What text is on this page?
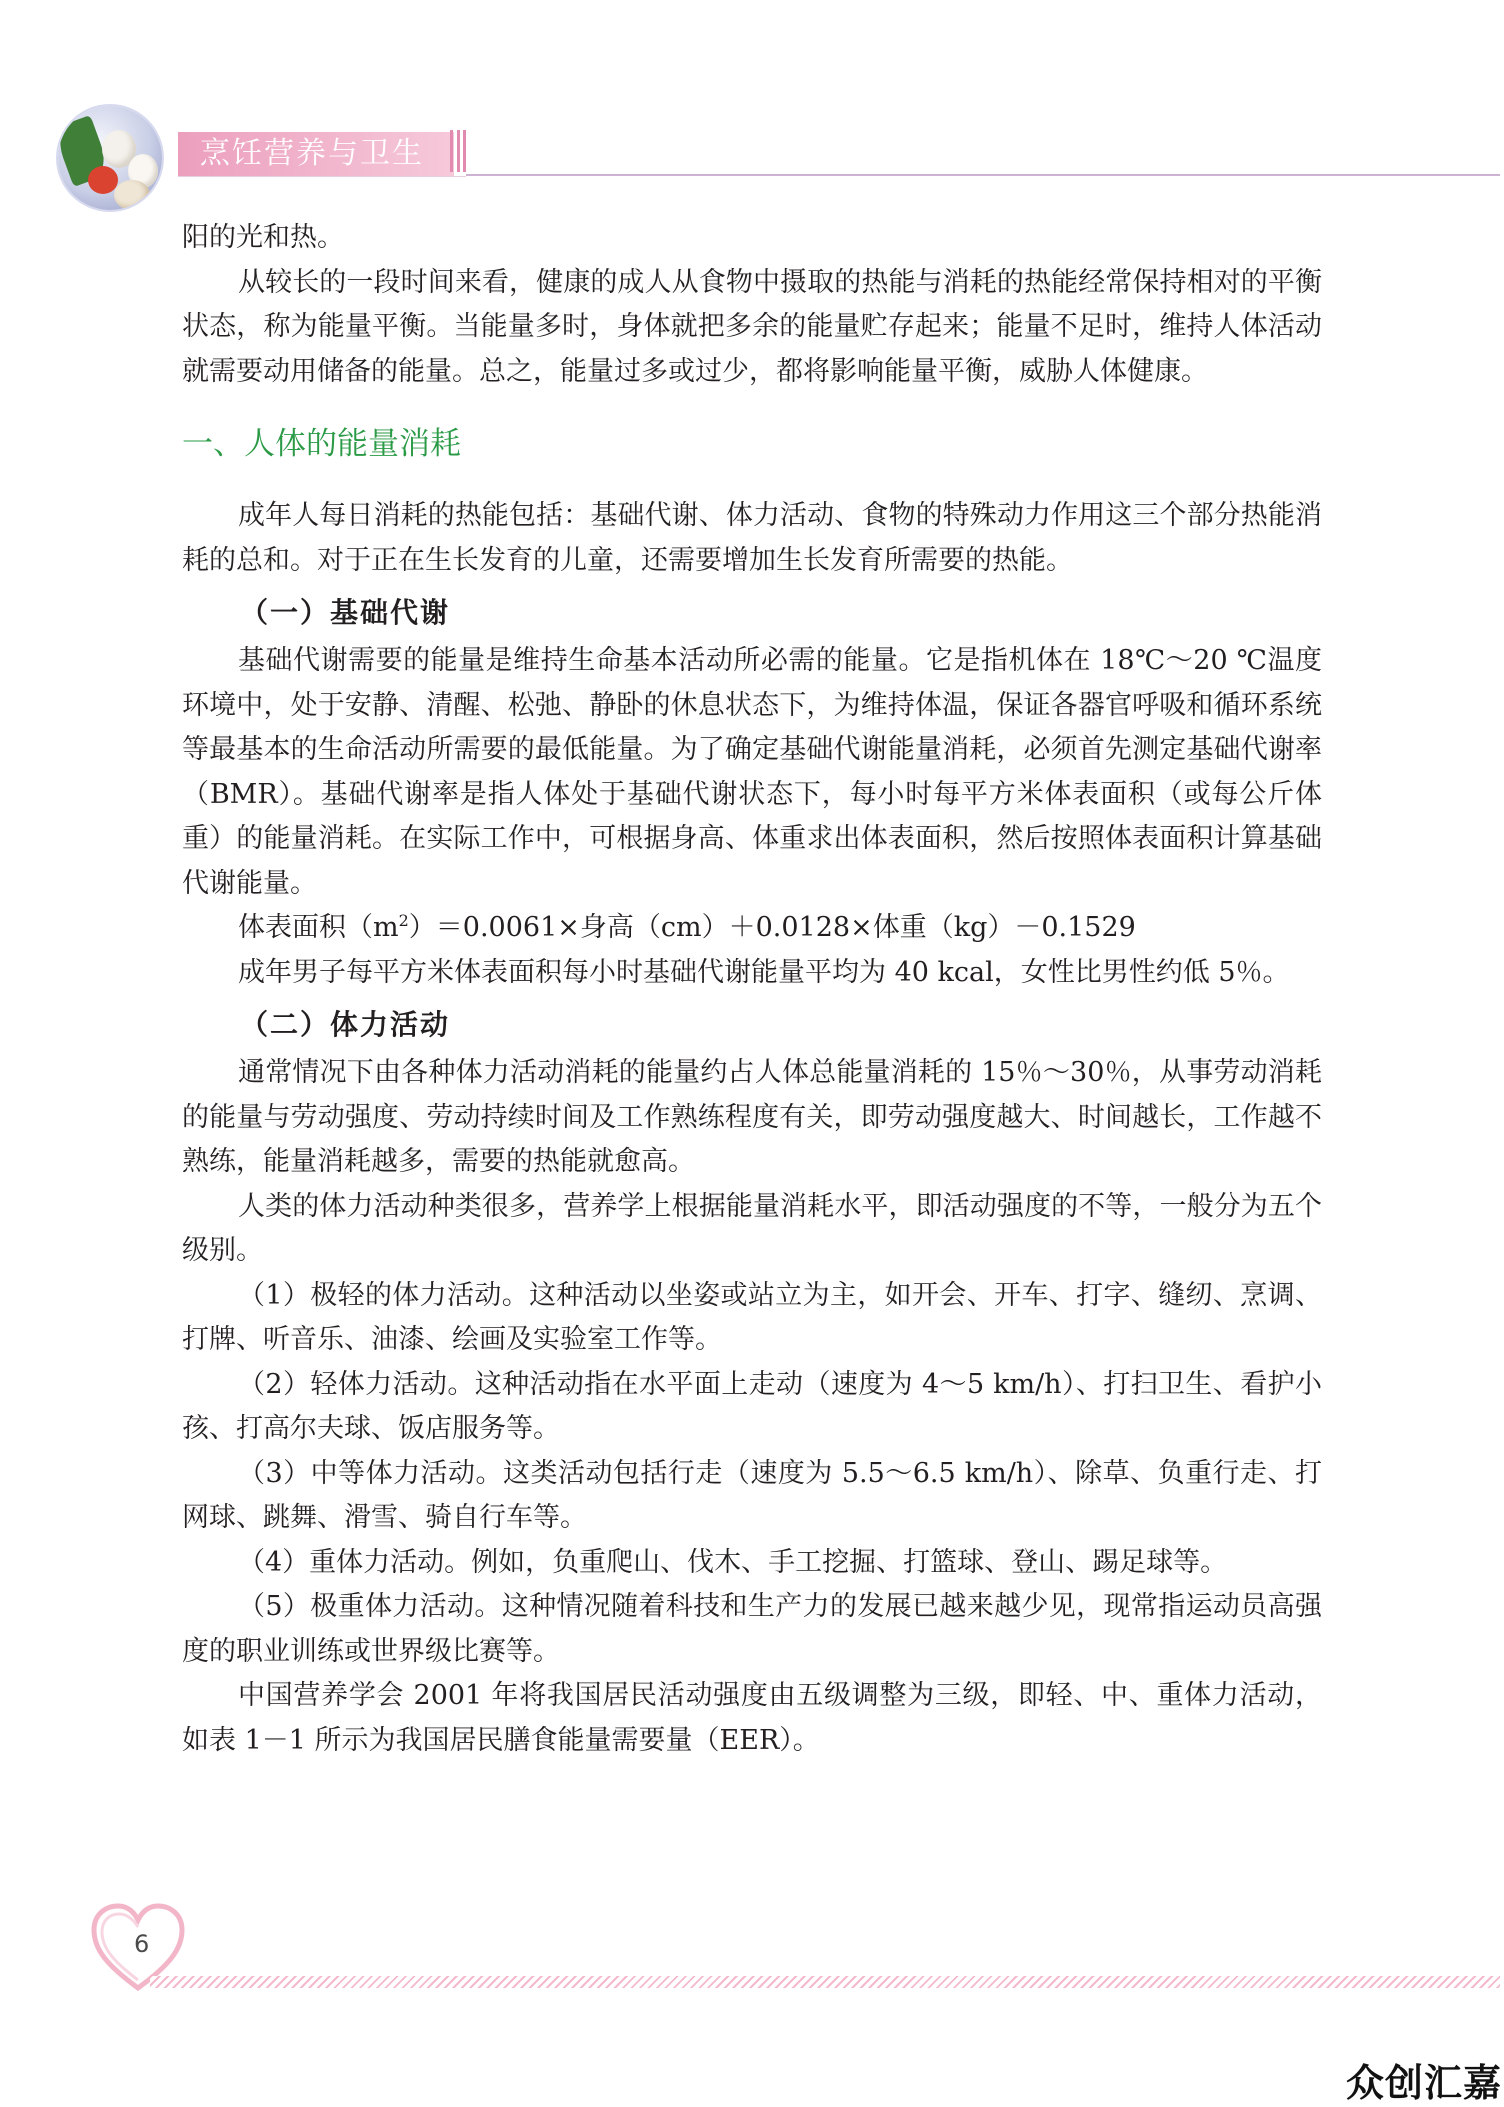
烹饪营养与卫生

阳的光和热。

从较长的一段时间来看，健康的成人从食物中摄取的热能与消耗的热能经常保持相对的平衡状态，称为能量平衡。当能量多时，身体就把多余的能量贮存起来；能量不足时，维持人体活动就需要动用储备的能量。总之，能量过多或过少，都将影响能量平衡，威胁人体健康。

一、人体的能量消耗

成年人每日消耗的热能包括：基础代谢、体力活动、食物的特殊动力作用这三个部分热能消耗的总和。对于正在生长发育的儿童，还需要增加生长发育所需要的热能。

（一）基础代谢

基础代谢需要的能量是维持生命基本活动所必需的能量。它是指机体在 18℃～20 ℃温度环境中，处于安静、清醒、松弛、静卧的休息状态下，为维持体温，保证各器官呼吸和循环系统等最基本的生命活动所需要的最低能量。为了确定基础代谢能量消耗，必须首先测定基础代谢率（BMR）。基础代谢率是指人体处于基础代谢状态下，每小时每平方米体表面积（或每公斤体重）的能量消耗。在实际工作中，可根据身高、体重求出体表面积，然后按照体表面积计算基础代谢能量。

体表面积$(m^2)=0.0061\times$身高（cm）＋0.0128×体重（kg）－0.1529

成年男子每平方米体表面积每小时基础代谢能量平均为 40 kcal，女性比男性约低 5％。

（二）体力活动

通常情况下由各种体力活动消耗的能量约占人体总能量消耗的 15％～30％，从事劳动消耗的能量与劳动强度、劳动持续时间及工作熟练程度有关，即劳动强度越大、时间越长，工作越不熟练，能量消耗越多，需要的热能就愈高。

人类的体力活动种类很多，营养学上根据能量消耗水平，即活动强度的不等，一般分为五个级别。

（1）极轻的体力活动。这种活动以坐姿或站立为主，如开会、开车、打字、缝纫、烹调、打牌、听音乐、油漆、绘画及实验室工作等。

（2）轻体力活动。这种活动指在水平面上走动（速度为 4～5 km/h）、打扫卫生、看护小孩、打高尔夫球、饭店服务等。

（3）中等体力活动。这类活动包括行走（速度为 5.5～6.5 km/h）、除草、负重行走、打网球、跳舞、滑雪、骑自行车等。

（4）重体力活动。例如，负重爬山、伐木、手工挖掘、打篮球、登山、踢足球等。

（5）极重体力活动。这种情况随着科技和生产力的发展已越来越少见，现常指运动员高强度的职业训练或世界级比赛等。

中国营养学会 2001 年将我国居民活动强度由五级调整为三级，即轻、中、重体力活动，如表 1－1 所示为我国居民膳食能量需要量（EER）。

6
众创汇嘉
